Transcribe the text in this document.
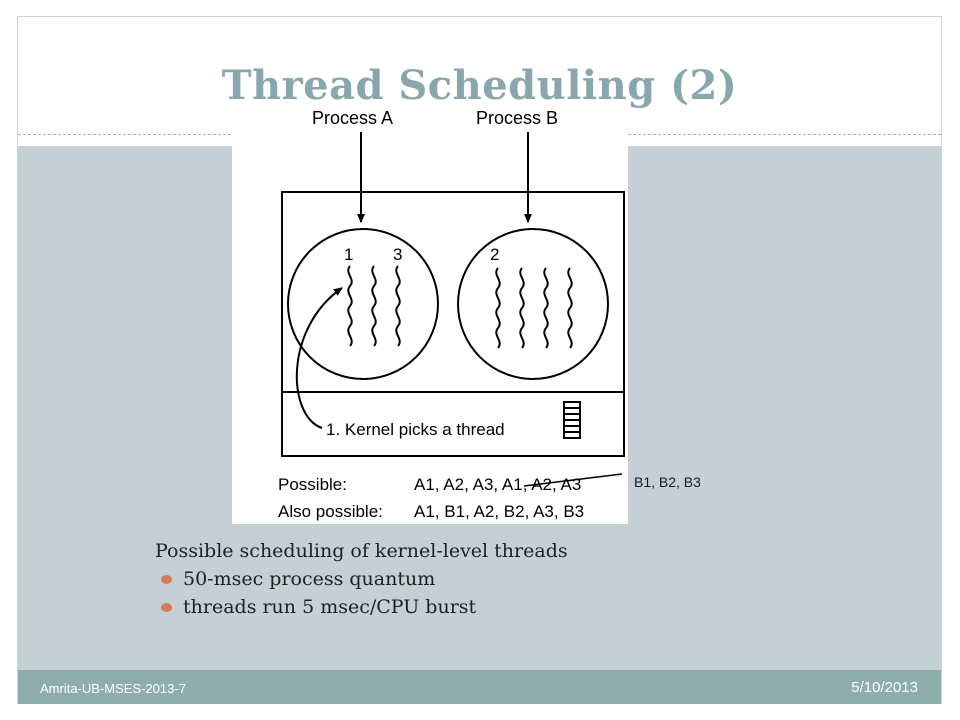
Process A	Process B
1 3	2
1. Kernel picks a thread
Possible:	A1, A2, A3, A1, A2, A3
Also possible: A1, B1, A2, B2, A3, B3
B1, B2, B3
Thread Scheduling (2)

Possible scheduling of kernel-level threads

50-msec process quantum
threads run 5 msec/CPU burst
Amrita-UB-MSES-2013-7	5/10/2013
